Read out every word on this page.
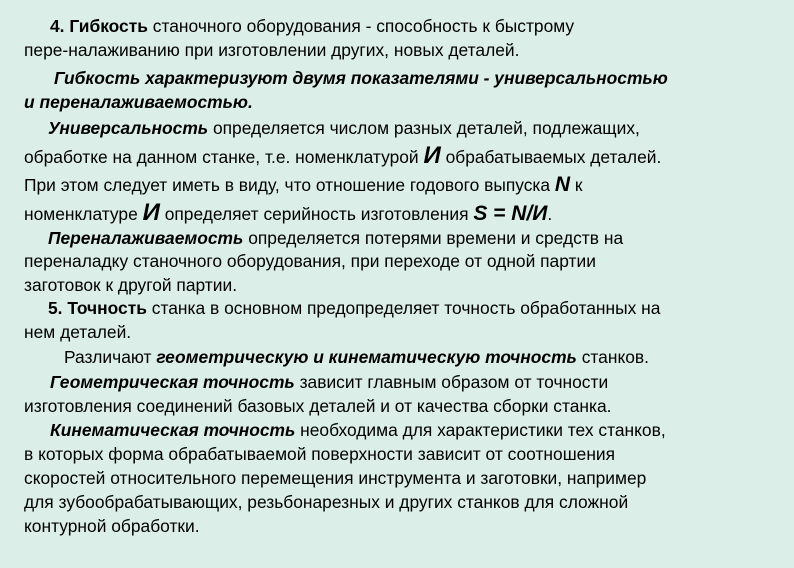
4. Гибкость станочного оборудования - способность к быстрому
пере-налаживанию при изготовлении других, новых деталей.
Гибкость характеризуют двумя показателями - универсальностью
и переналаживаемостью.
Универсальность определяется числом разных деталей, подлежащих,
обработке на данном станке, т.е. номенклатурой И обрабатываемых деталей.
При этом следует иметь в виду, что отношение годового выпуска N к
номенклатуре И определяет серийность изготовления S = N/И.
Переналаживаемость определяется потерями времени и средств на
переналадку станочного оборудования, при переходе от одной партии
заготовок к другой партии.
5. Точность станка в основном предопределяет точность обработанных на
нем деталей.
Различают геометрическую и кинематическую точность станков.
Геометрическая точность зависит главным образом от точности
изготовления соединений базовых деталей и от качества сборки станка.
Кинематическая точность необходима для характеристики тех станков,
в которых форма обрабатываемой поверхности зависит от соотношения
скоростей относительного перемещения инструмента и заготовки, например
для зубообрабатывающих, резьбонарезных и других станков для сложной
контурной обработки.
